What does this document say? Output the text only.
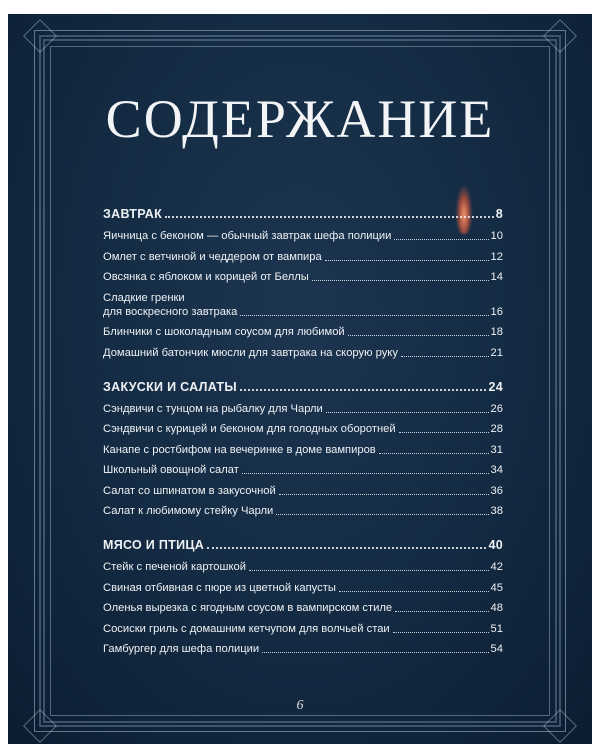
СОДЕРЖАНИЕ
ЗАВТРАК	8
Яичница с беконом — обычный завтрак шефа полиции	10
Омлет с ветчиной и чеддером от вампира	12
Овсянка с яблоком и корицей от Беллы	14
Сладкие гренки
для воскресного завтрака	16
Блинчики с шоколадным соусом для любимой	18
Домашний батончик мюсли для завтрака на скорую руку	21
ЗАКУСКИ И САЛАТЫ	24
Сэндвичи с тунцом на рыбалку для Чарли	26
Сэндвичи с курицей и беконом для голодных оборотней	28
Канапе с ростбифом на вечеринке в доме вампиров	31
Школьный овощной салат	34
Салат со шпинатом в закусочной	36
Салат к любимому стейку Чарли	38
МЯСО И ПТИЦА	40
Стейк с печеной картошкой	42
Свиная отбивная с пюре из цветной капусты	45
Оленья вырезка с ягодным соусом в вампирском стиле	48
Сосиски гриль с домашним кетчупом для волчьей стаи	51
Гамбургер для шефа полиции	54
6
